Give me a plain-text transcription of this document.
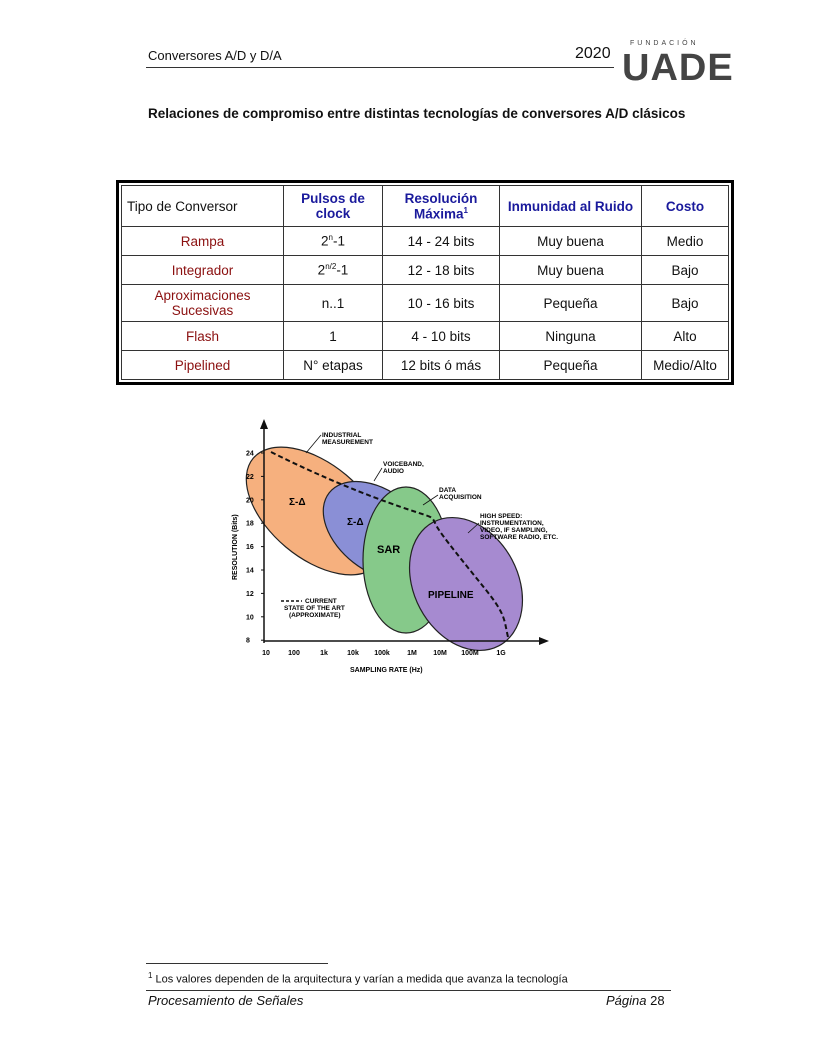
Conversores A/D y D/A	2020
FUNDACIÓN
UADE
Relaciones de compromiso entre distintas tecnologías de conversores A/D clásicos
Tipo de Conversor	Pulsos de clock	Resolución Máxima$^1$	Inmunidad al Ruido	Costo
Rampa	2$^n$-1	14 - 24 bits	Muy buena	Medio
Integrador	$2^{n/2}-1$	12 - 18 bits	Muy buena	Bajo
Aproximaciones Sucesivas	n..1	10 - 16 bits	Pequeña	Bajo
Flash	1	4 - 10 bits	Ninguna	Alto
Pipelined	N° etapas	12 bits ó más	Pequeña	Medio/Alto
24
22
20
18
16
14
12
10
8
10	100	1k	10k 100k 1M 10M 100M	1G
RESOLUTION (Bits)
SAMPLING RATE (Hz)
Σ-Δ
Σ-Δ
SAR
PIPELINE
INDUSTRIAL
MEASUREMENT
VOICEBAND,
AUDIO
DATA
ACQUISITION
HIGH SPEED:
INSTRUMENTATION,
VIDEO, IF SAMPLING,
SOFTWARE RADIO, ETC.
CURRENT
STATE OF THE ART
(APPROXIMATE)
$^1$ Los valores dependen de la arquitectura y varían a medida que avanza la tecnología
Procesamiento de Señales	Página 28
